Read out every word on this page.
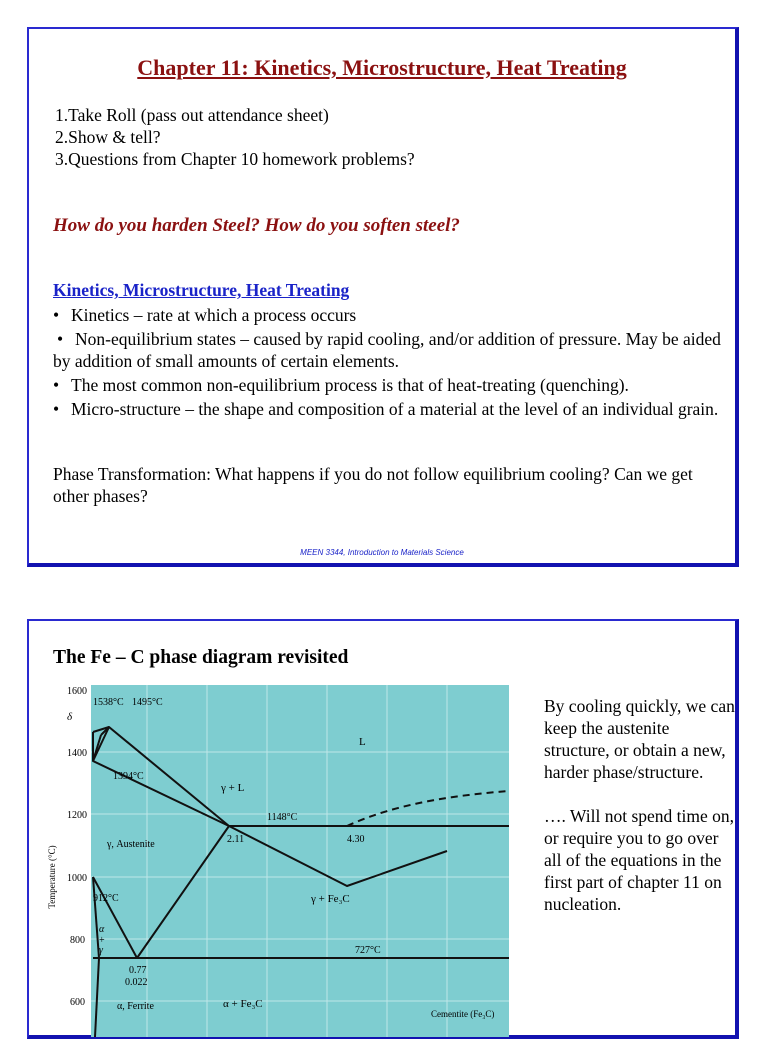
Chapter 11: Kinetics, Microstructure, Heat Treating
1.Take Roll (pass out attendance sheet)
2.Show & tell?
3.Questions from Chapter 10 homework problems?
How do you harden Steel? How do you soften steel?
Kinetics, Microstructure, Heat Treating
• Kinetics – rate at which a process occurs
• Non-equilibrium states – caused by rapid cooling, and/or addition of pressure. May be aided by addition of small amounts of certain elements.
• The most common non-equilibrium process is that of heat-treating (quenching).
• Micro-structure – the shape and composition of a material at the level of an individual grain.
Phase Transformation: What happens if you do not follow equilibrium cooling? Can we get other phases?
MEEN 3344, Introduction to Materials Science
The Fe – C phase diagram revisited
1600
1400
1200
1000
800
600
Temperature (°C)
1538°C 1495°C
δ
L
1394°C
γ + L
1148°C
2.11	4.30
γ, Austenite
912°C	γ + Fe₃C
α
+
γ	727°C
0.77
0.022
α, Ferrite	α + Fe₃C
Cementite (Fe₃C)

By cooling quickly, we can keep the austenite structure, or obtain a new, harder phase/structure.

…. Will not spend time on, or require you to go over all of the equations in the first part of chapter 11 on nucleation.
